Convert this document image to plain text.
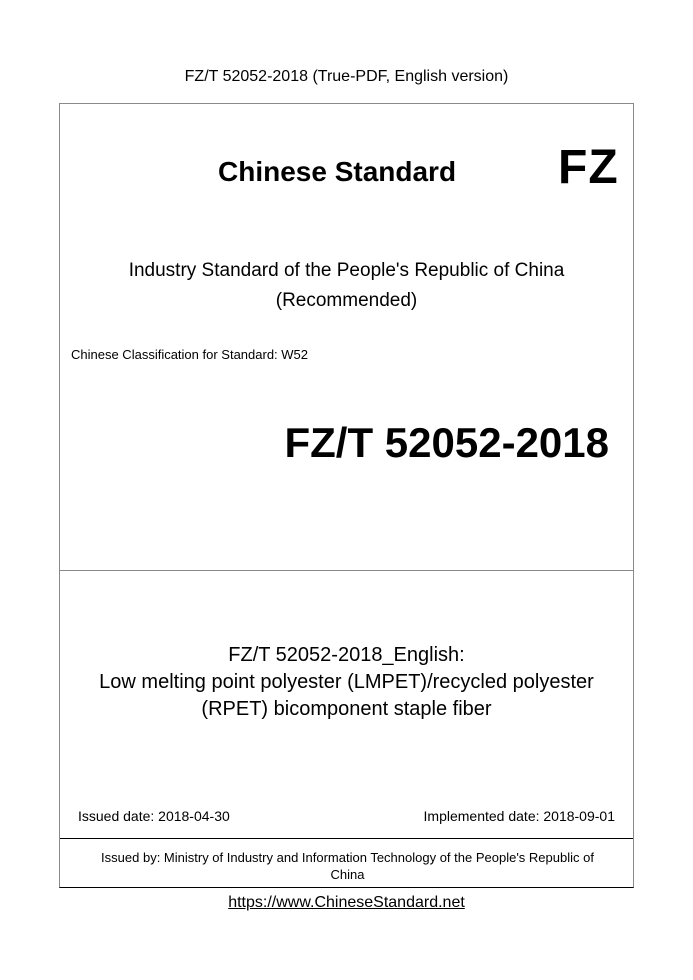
FZ/T 52052-2018 (True-PDF, English version)
Chinese Standard FZ
Industry Standard of the People's Republic of China
(Recommended)
Chinese Classification for Standard: W52
FZ/T 52052-2018
FZ/T 52052-2018_English:
Low melting point polyester (LMPET)/recycled polyester
(RPET) bicomponent staple fiber
Issued date: 2018-04-30	Implemented date: 2018-09-01
Issued by: Ministry of Industry and Information Technology of the People's Republic of
China
https://www.ChineseStandard.net
